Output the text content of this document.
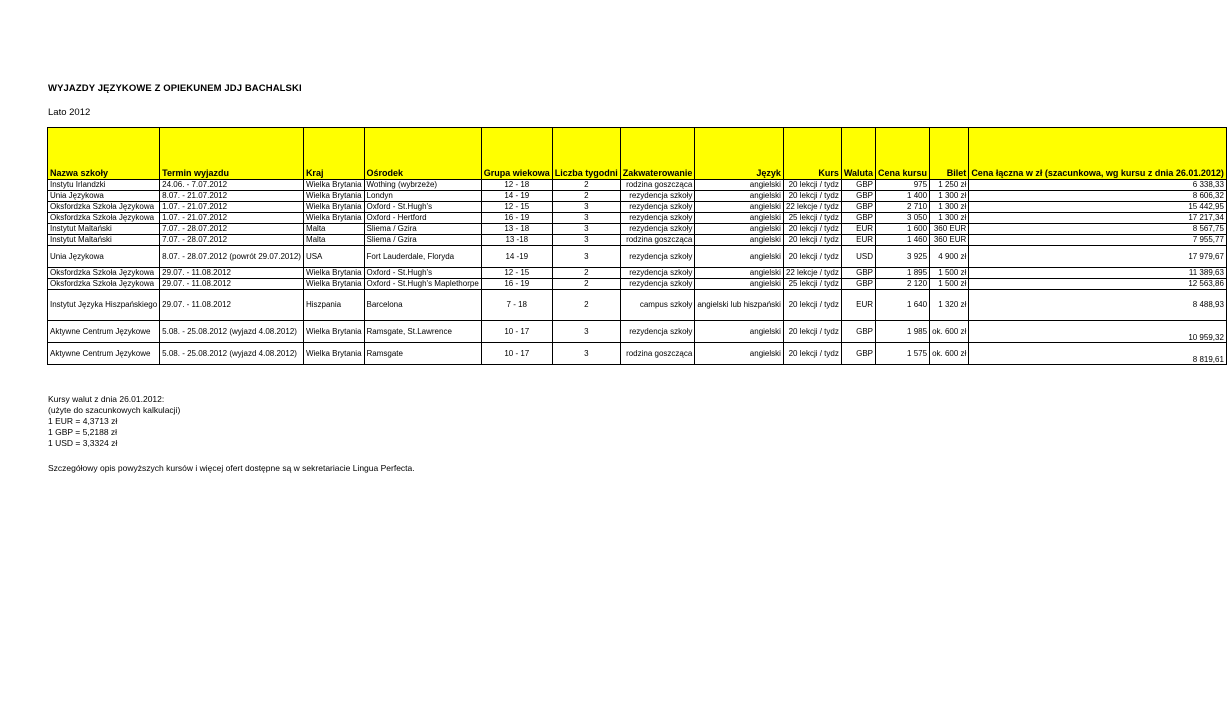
WYJAZDY JĘZYKOWE Z OPIEKUNEM JDJ BACHALSKI
Lato 2012
Nazwa szkoły	Termin wyjazdu	Kraj	Ośrodek	Grupa wiekowa	Liczba tygodni	Zakwaterowanie	Język	Kurs	Waluta	Cena kursu	Bilet	Cena łączna w zł (szacunkowa, wg kursu z dnia 26.01.2012)
Instytu Irlandzki	24.06. - 7.07.2012	Wielka Brytania	Wothing (wybrzeże)	12 - 18	2	rodzina goszcząca	angielski	20 lekcji / tydz	GBP	975	1 250 zł	6 338,33
Unia Językowa	8.07. - 21.07.2012	Wielka Brytania	Londyn	14 - 19	2	rezydencja szkoły	angielski	20 lekcji / tydz	GBP	1 400	1 300 zł	8 606,32
Oksfordzka Szkoła Językowa	1.07. - 21.07.2012	Wielka Brytania	Oxford - St.Hugh's	12 - 15	3	rezydencja szkoły	angielski	22 lekcje / tydz	GBP	2 710	1 300 zł	15 442,95
Oksfordzka Szkoła Językowa	1.07. - 21.07.2012	Wielka Brytania	Oxford - Hertford	16 - 19	3	rezydencja szkoły	angielski	25 lekcji / tydz	GBP	3 050	1 300 zł	17 217,34
Instytut Maltański	7.07. - 28.07.2012	Malta	Sliema / Gzira	13 - 18	3	rezydencja szkoły	angielski	20 lekcji / tydz	EUR	1 600	360 EUR	8 567,75
Instytut Maltański	7.07. - 28.07.2012	Malta	Sliema / Gzira	13 -18	3	rodzina goszcząca	angielski	20 lekcji / tydz	EUR	1 460	360 EUR	7 955,77
Unia Językowa	8.07. - 28.07.2012 (powrót 29.07.2012)	USA	Fort Lauderdale, Floryda	14 -19	3	rezydencja szkoły	angielski	20 lekcji / tydz	USD	3 925	4 900 zł	17 979,67
Oksfordzka Szkoła Językowa	29.07. - 11.08.2012	Wielka Brytania	Oxford - St.Hugh's	12 - 15	2	rezydencja szkoły	angielski	22 lekcje / tydz	GBP	1 895	1 500 zł	11 389,63
Oksfordzka Szkoła Językowa	29.07. - 11.08.2012	Wielka Brytania	Oxford - St.Hugh's Maplethorpe	16 - 19	2	rezydencja szkoły	angielski	25 lekcji / tydz	GBP	2 120	1 500 zł	12 563,86
Instytut Języka Hiszpańskiego	29.07. - 11.08.2012	Hiszpania	Barcelona	7 - 18	2	campus szkoły	angielski lub hiszpański	20 lekcji / tydz	EUR	1 640	1 320 zł	8 488,93
Aktywne Centrum Językowe	5.08. - 25.08.2012 (wyjazd 4.08.2012)	Wielka Brytania	Ramsgate, St.Lawrence	10 - 17	3	rezydencja szkoły	angielski	20 lekcji / tydz	GBP	1 985	ok. 600 zł	10 959,32
Aktywne Centrum Językowe	5.08. - 25.08.2012 (wyjazd 4.08.2012)	Wielka Brytania	Ramsgate	10 - 17	3	rodzina goszcząca	angielski	20 lekcji / tydz	GBP	1 575	ok. 600 zł	8 819,61
Kursy walut z dnia 26.01.2012:
(użyte do szacunkowych kalkulacji)
1 EUR = 4,3713 zł
1 GBP = 5,2188 zł
1 USD = 3,3324 zł
Szczegółowy opis powyższych kursów i więcej ofert dostępne są w sekretariacie Lingua Perfecta.
